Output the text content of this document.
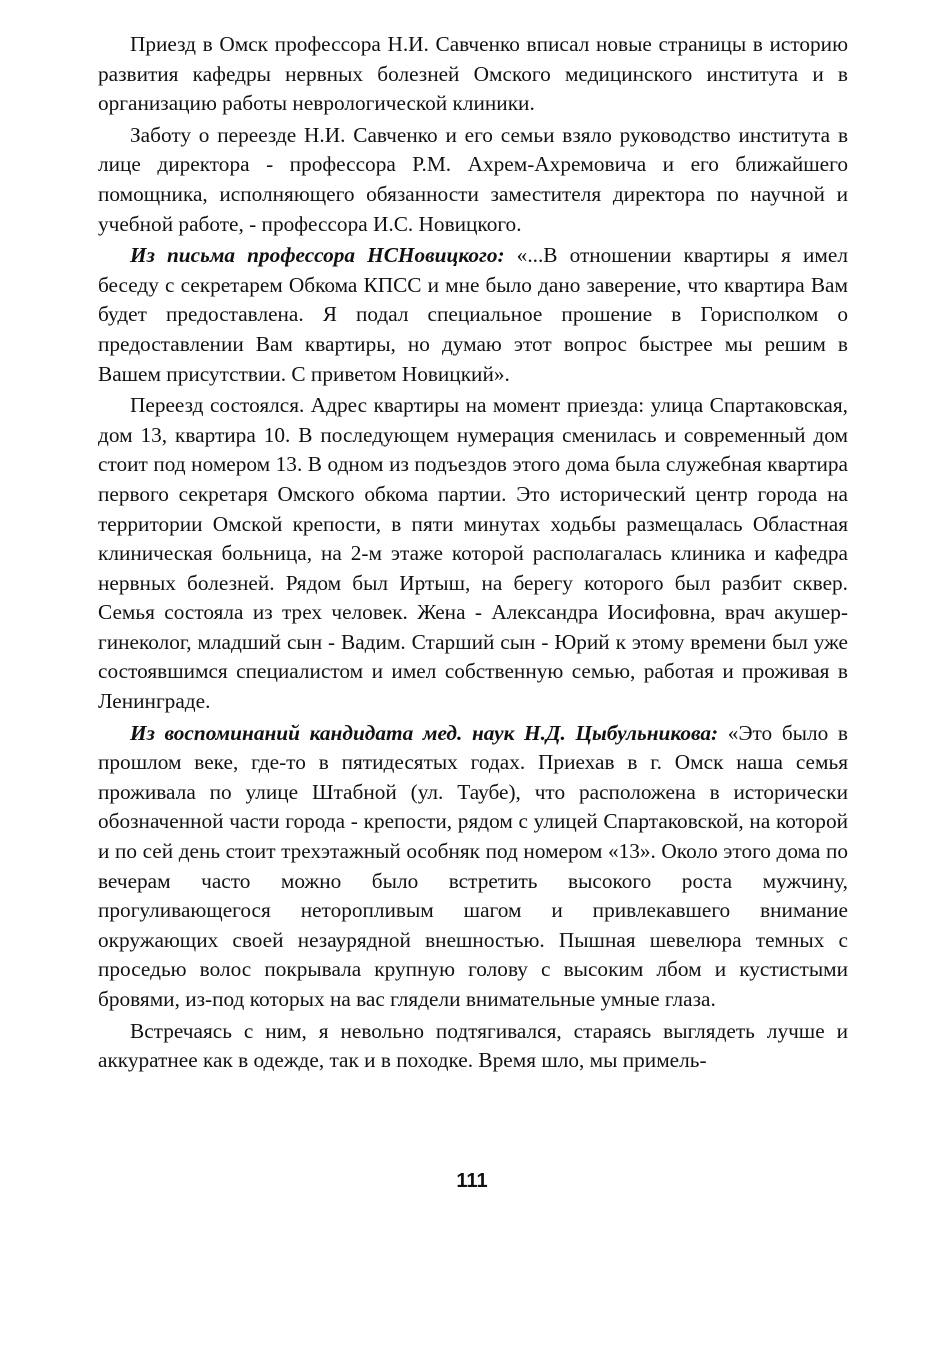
Приезд в Омск профессора Н.И. Савченко вписал новые страницы в историю развития кафедры нервных болезней Омского медицинского института и в организацию работы неврологической клиники.

Заботу о переезде Н.И. Савченко и его семьи взяло руководство института в лице директора - профессора Р.М. Ахрем-Ахремовича и его ближайшего помощника, исполняющего обязанности заместителя директора по научной и учебной работе, - профессора И.С. Новицкого.

Из письма профессора НСНовицкого: «...В отношении квартиры я имел беседу с секретарем Обкома КПСС и мне было дано заверение, что квартира Вам будет предоставлена. Я подал специальное прошение в Горисполком о предоставлении Вам квартиры, но думаю этот вопрос быстрее мы решим в Вашем присутствии. С приветом Новицкий».

Переезд состоялся. Адрес квартиры на момент приезда: улица Спартаковская, дом 13, квартира 10. В последующем нумерация сменилась и современный дом стоит под номером 13. В одном из подъездов этого дома была служебная квартира первого секретаря Омского обкома партии. Это исторический центр города на территории Омской крепости, в пяти минутах ходьбы размещалась Областная клиническая больница, на 2-м этаже которой располагалась клиника и кафедра нервных болезней. Рядом был Иртыш, на берегу которого был разбит сквер. Семья состояла из трех человек. Жена - Александра Иосифовна, врач акушер-гинеколог, младший сын - Вадим. Старший сын - Юрий к этому времени был уже состоявшимся специалистом и имел собственную семью, работая и проживая в Ленинграде.

Из воспоминаний кандидата мед. наук Н.Д. Цыбульникова: «Это было в прошлом веке, где-то в пятидесятых годах. Приехав в г. Омск наша семья проживала по улице Штабной (ул. Таубе), что расположена в исторически обозначенной части города - крепости, рядом с улицей Спартаковской, на которой и по сей день стоит трехэтажный особняк под номером «13». Около этого дома по вечерам часто можно было встретить высокого роста мужчину, прогуливающегося неторопливым шагом и привлекавшего внимание окружающих своей незаурядной внешностью. Пышная шевелюра темных с проседью волос покрывала крупную голову с высоким лбом и кустистыми бровями, из-под которых на вас глядели внимательные умные глаза.

Встречаясь с ним, я невольно подтягивался, стараясь выглядеть лучше и аккуратнее как в одежде, так и в походке. Время шло, мы примель-

111
